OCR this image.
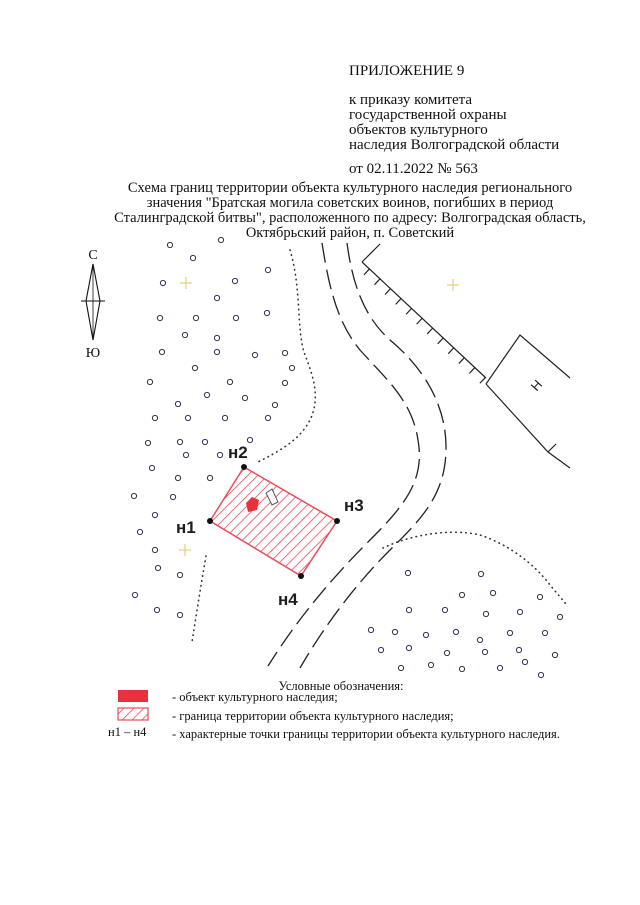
ПРИЛОЖЕНИЕ 9
к приказу комитета
государственной охраны
объектов культурного
наследия Волгоградской области
от 02.11.2022 № 563
Схема границ территории объекта культурного наследия регионального
значения "Братская могила советских воинов, погибших в период
Сталинградской битвы", расположенного по адресу: Волгоградская область,
Октябрьский район, п. Советский
С
Ю
Н
н1
н2
н3
н4
Условные обозначения:
- объект культурного наследия;
- граница территории объекта культурного наследия;
н1 – н4 - характерные точки границы территории объекта культурного наследия.
